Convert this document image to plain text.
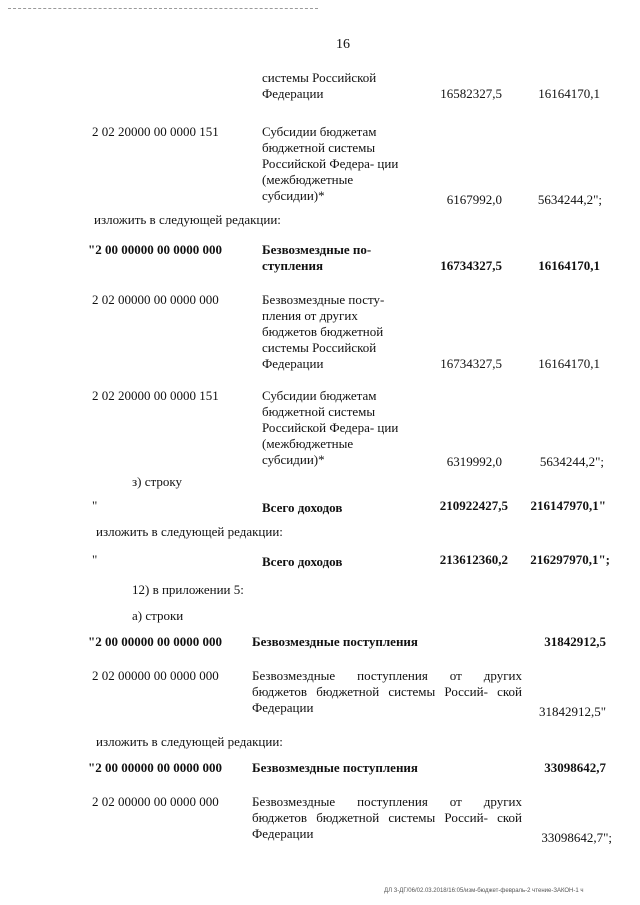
16
системы Российской Федерации	16582327,5	16164170,1
2 02 20000 00 0000 151	Субсидии бюджетам бюджетной системы Российской Федера- ции (межбюджетные субсидии)*	6167992,0	5634244,2";
изложить в следующей редакции:
"2 00 00000 00 0000 000	Безвозмездные по- ступления	16734327,5	16164170,1
2 02 00000 00 0000 000	Безвозмездные посту- пления от других бюджетов бюджетной системы Российской Федерации	16734327,5	16164170,1
2 02 20000 00 0000 151	Субсидии бюджетам бюджетной системы Российской Федера- ции (межбюджетные субсидии)*	6319992,0	5634244,2";
з) строку
"	Всего доходов	210922427,5	216147970,1"
изложить в следующей редакции:
"	Всего доходов	213612360,2	216297970,1";
12) в приложении 5:
а) строки
"2 00 00000 00 0000 000 Безвозмездные поступления	31842912,5
2 02 00000 00 0000 000	Безвозмездные поступления от других бюджетов бюджетной системы Россий- ской Федерации	31842912,5"
изложить в следующей редакции:
"2 00 00000 00 0000 000 Безвозмездные поступления	33098642,7
2 02 00000 00 0000 000	Безвозмездные поступления от других бюджетов бюджетной системы Россий- ской Федерации	33098642,7";
ДЛ З-ДГ/06/02.03.2018/16:05/изм-бюджет-февраль-2 чтение-ЗАКОН-1 ч
